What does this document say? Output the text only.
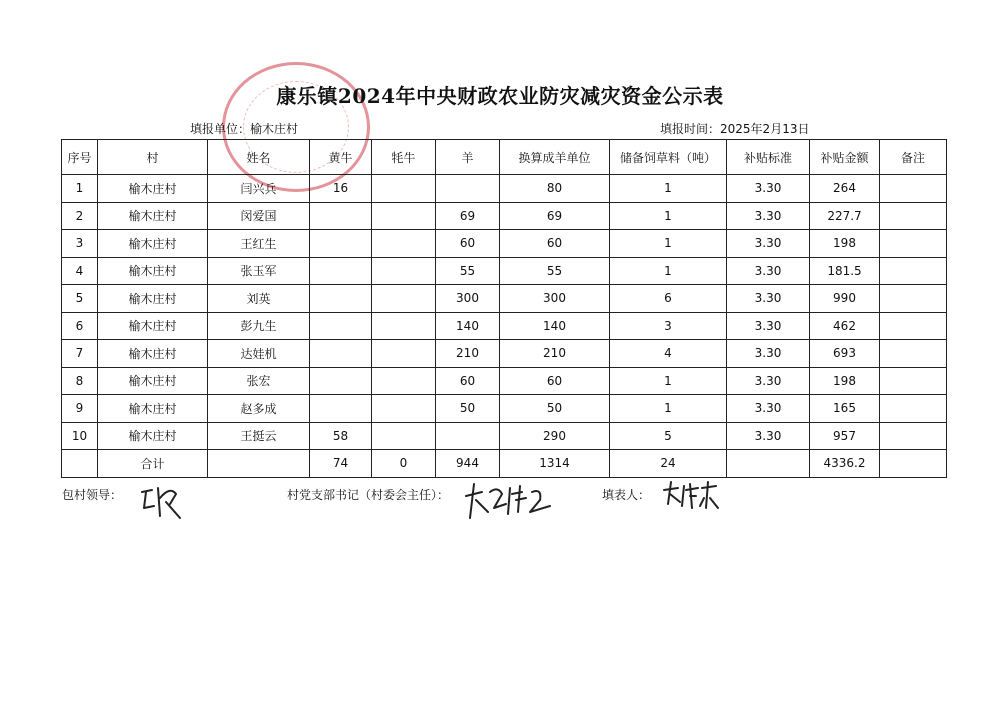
康乐镇2024年中央财政农业防灾减灾资金公示表
填报单位：榆木庄村	填报时间：2025年2月13日
序号	村	姓名	黄牛	牦牛	羊	换算成羊单位	储备饲草料（吨）	补贴标准	补贴金额	备注
1	榆木庄村	闫兴兵	16			80	1	3.30	264	
2	榆木庄村	闵爱国			69	69	1	3.30	227.7	
3	榆木庄村	王红生			60	60	1	3.30	198	
4	榆木庄村	张玉军			55	55	1	3.30	181.5	
5	榆木庄村	刘英			300	300	6	3.30	990	
6	榆木庄村	彭九生			140	140	3	3.30	462	
7	榆木庄村	达娃机			210	210	4	3.30	693	
8	榆木庄村	张宏			60	60	1	3.30	198	
9	榆木庄村	赵多成			50	50	1	3.30	165	
10	榆木庄村	王挺云	58			290	5	3.30	957	
	合计		74	0	944	1314	24		4336.2	
包村领导：	村党支部书记（村委会主任）：	填表人：
